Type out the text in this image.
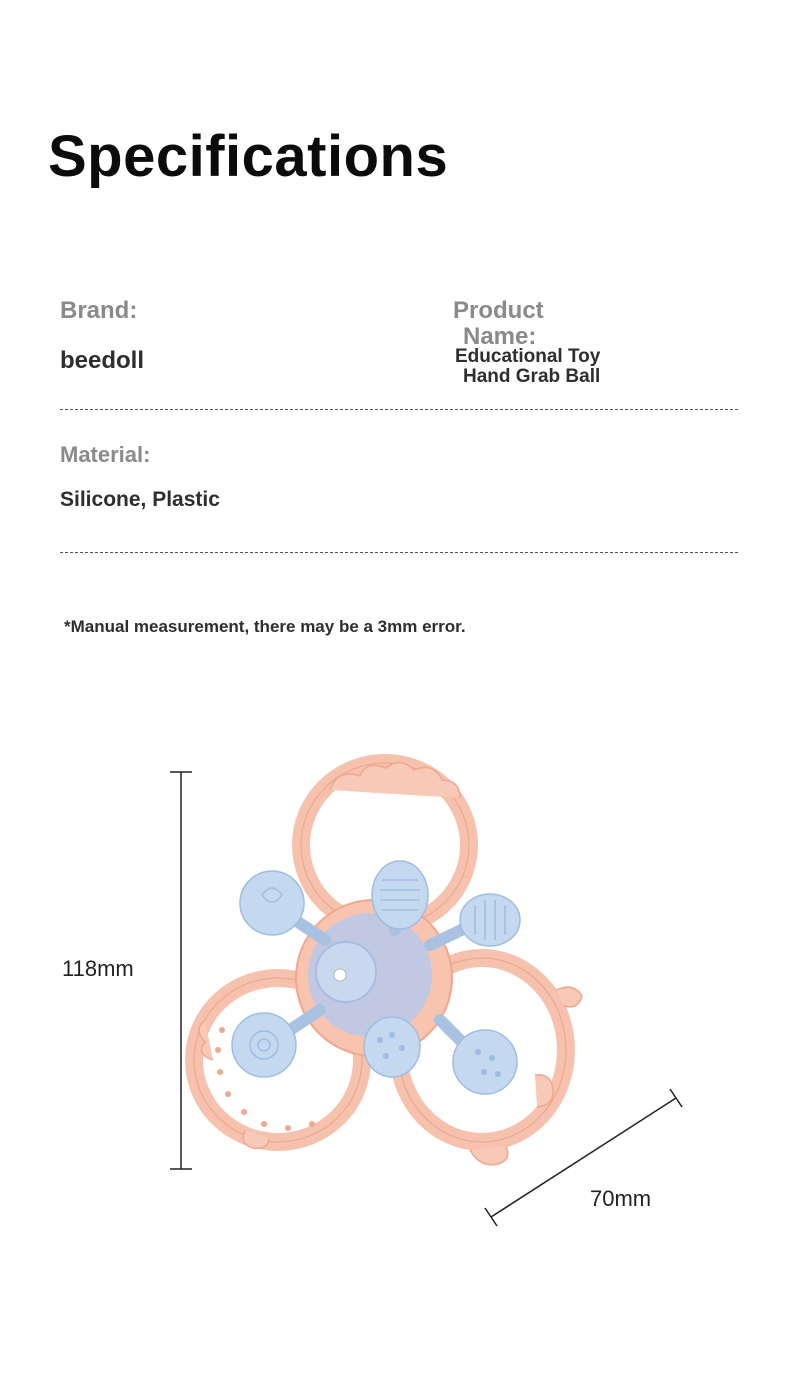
Specifications
Brand:
beedoll
Product
Name:
Educational Toy
Hand Grab Ball
Material:
Silicone, Plastic
*Manual measurement, there may be a 3mm error.
118mm
70mm
